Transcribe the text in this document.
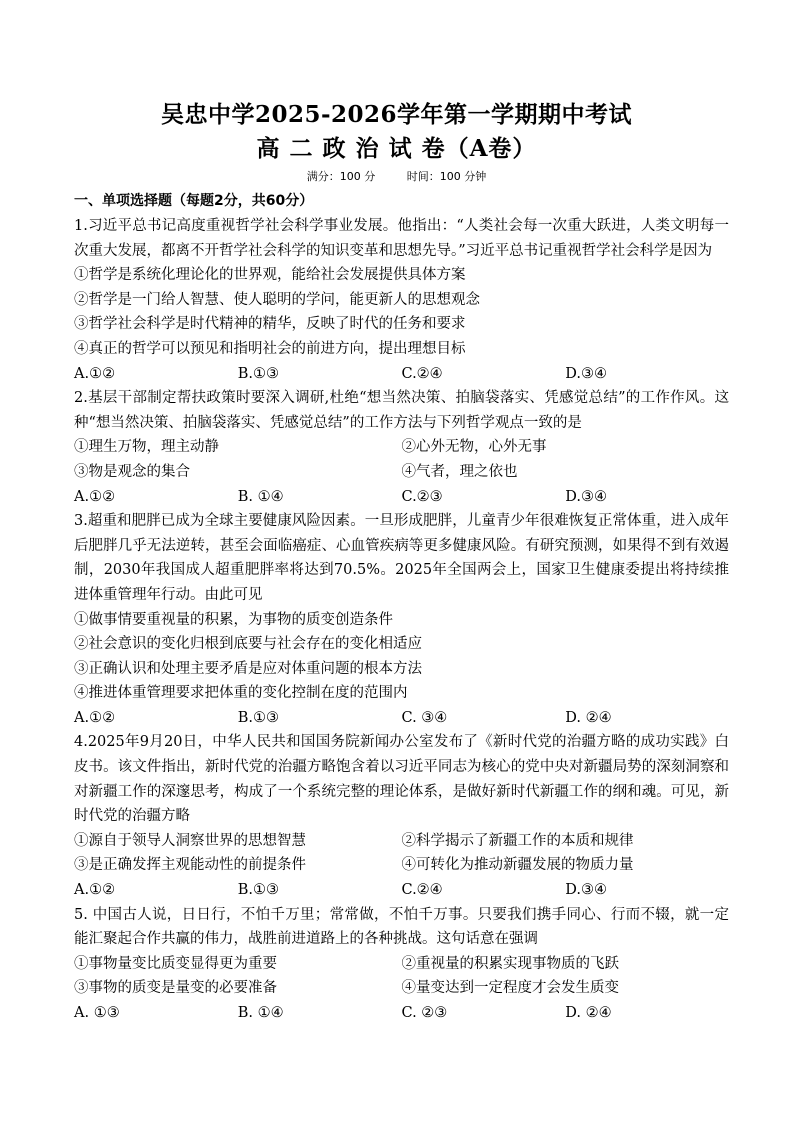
吴忠中学2025-2026学年第一学期期中考试
高 二 政 治 试 卷（A卷）
满分：100 分	时间：100 分钟
一、单项选择题（每题2分，共60分）
1.习近平总书记高度重视哲学社会科学事业发展。他指出：“人类社会每一次重大跃进，人类文明每一次重大发展，都离不开哲学社会科学的知识变革和思想先导。”习近平总书记重视哲学社会科学是因为
①哲学是系统化理论化的世界观，能给社会发展提供具体方案
②哲学是一门给人智慧、使人聪明的学问，能更新人的思想观念
③哲学社会科学是时代精神的精华，反映了时代的任务和要求
④真正的哲学可以预见和指明社会的前进方向，提出理想目标
A.①②	B.①③	C.②④	D.③④
2.基层干部制定帮扶政策时要深入调研,杜绝“想当然决策、拍脑袋落实、凭感觉总结”的工作作风。这种“想当然决策、拍脑袋落实、凭感觉总结”的工作方法与下列哲学观点一致的是
①理生万物，理主动静	②心外无物，心外无事
③物是观念的集合	④气者，理之依也
A.①②	B. ①④	C.②③	D.③④
3.超重和肥胖已成为全球主要健康风险因素。一旦形成肥胖，儿童青少年很难恢复正常体重，进入成年后肥胖几乎无法逆转，甚至会面临癌症、心血管疾病等更多健康风险。有研究预测，如果得不到有效遏制，2030年我国成人超重肥胖率将达到70.5%。2025年全国两会上，国家卫生健康委提出将持续推进体重管理年行动。由此可见
①做事情要重视量的积累，为事物的质变创造条件
②社会意识的变化归根到底要与社会存在的变化相适应
③正确认识和处理主要矛盾是应对体重问题的根本方法
④推进体重管理要求把体重的变化控制在度的范围内
A.①②	B.①③	C. ③④	D. ②④
4.2025年9月20日，中华人民共和国国务院新闻办公室发布了《新时代党的治疆方略的成功实践》白皮书。该文件指出，新时代党的治疆方略饱含着以习近平同志为核心的党中央对新疆局势的深刻洞察和对新疆工作的深邃思考，构成了一个系统完整的理论体系，是做好新时代新疆工作的纲和魂。可见，新时代党的治疆方略
①源自于领导人洞察世界的思想智慧	②科学揭示了新疆工作的本质和规律
③是正确发挥主观能动性的前提条件	④可转化为推动新疆发展的物质力量
A.①②	B.①③	C.②④	D.③④
5. 中国古人说，日日行，不怕千万里；常常做，不怕千万事。只要我们携手同心、行而不辍，就一定能汇聚起合作共赢的伟力，战胜前进道路上的各种挑战。这句话意在强调
①事物量变比质变显得更为重要	②重视量的积累实现事物质的飞跃
③事物的质变是量变的必要准备	④量变达到一定程度才会发生质变
A. ①③	B. ①④	C. ②③	D. ②④
